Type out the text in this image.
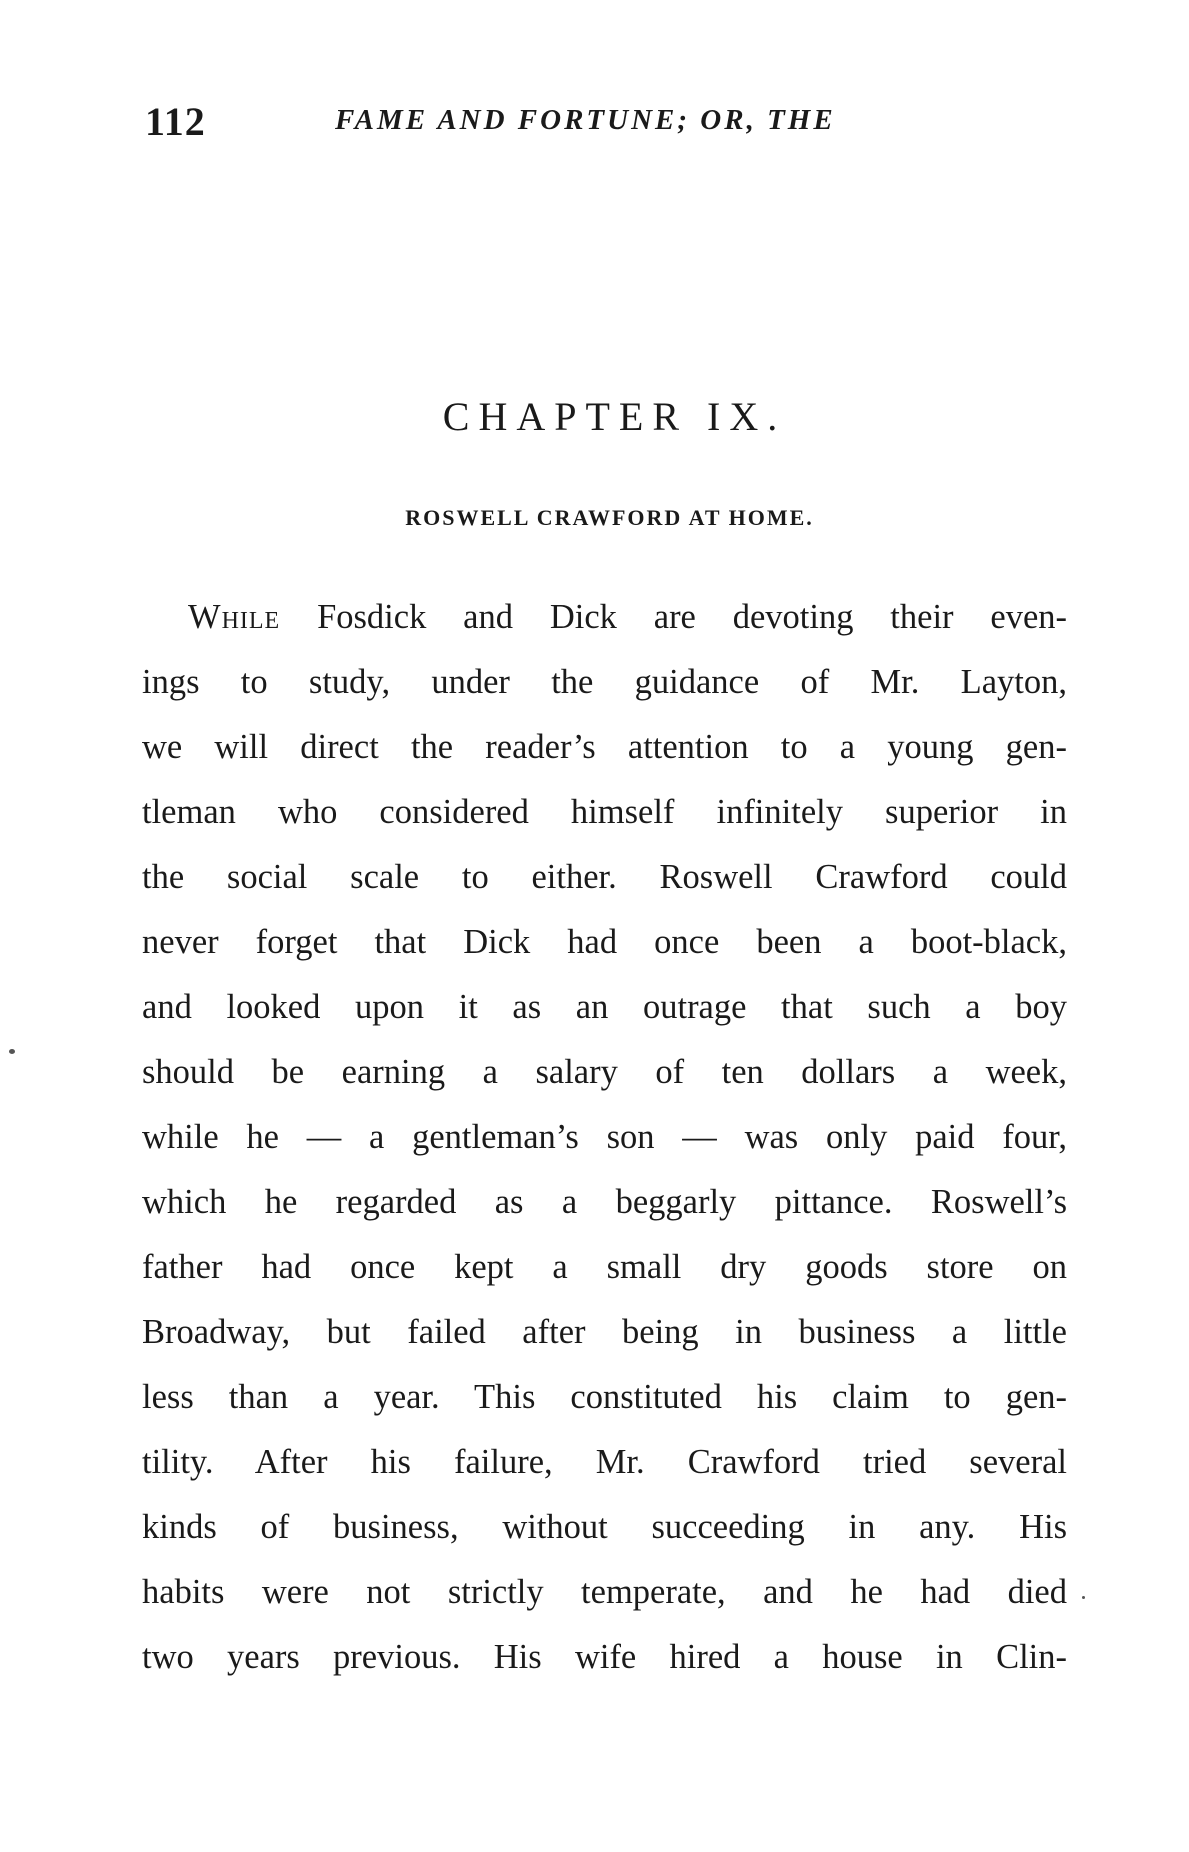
112	FAME AND FORTUNE; OR, THE
CHAPTER IX.
ROSWELL CRAWFORD AT HOME.
While Fosdick and Dick are devoting their even-
ings to study, under the guidance of Mr. Layton,
we will direct the reader’s attention to a young gen-
tleman who considered himself infinitely superior in
the social scale to either. Roswell Crawford could
never forget that Dick had once been a boot-black,
and looked upon it as an outrage that such a boy
should be earning a salary of ten dollars a week,
while he — a gentleman’s son — was only paid four,
which he regarded as a beggarly pittance. Roswell’s
father had once kept a small dry goods store on
Broadway, but failed after being in business a little
less than a year. This constituted his claim to gen-
tility. After his failure, Mr. Crawford tried several
kinds of business, without succeeding in any. His
habits were not strictly temperate, and he had died
two years previous. His wife hired a house in Clin-
